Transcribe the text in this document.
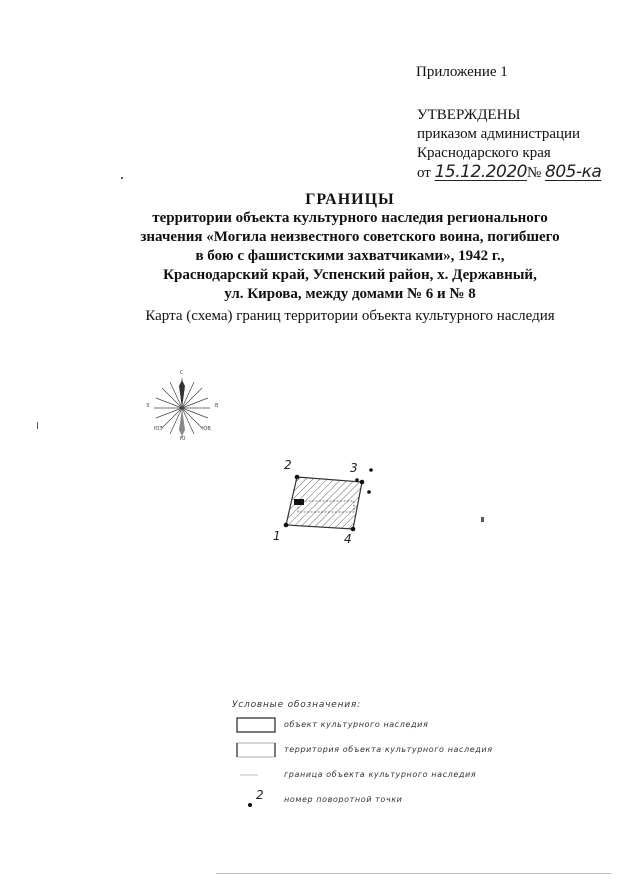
Приложение 1
УТВЕРЖДЕНЫ
приказом администрации
Краснодарского края
от 15.12.2020№ 805-ка
ГРАНИЦЫ
территории объекта культурного наследия регионального
значения «Могила неизвестного советского воина, погибшего
в бою с фашистскими захватчиками», 1942 г.,
Краснодарский край, Успенский район, х. Державный,
ул. Кирова, между домами № 6 и № 8
Карта (схема) границ территории объекта культурного наследия
С
Ю
З	В
ЮЗ	ЮВ
1
2	3
4
Условные обозначения:
объект культурного наследия
территория объекта культурного наследия
граница объекта культурного наследия
2	номер поворотной точки
